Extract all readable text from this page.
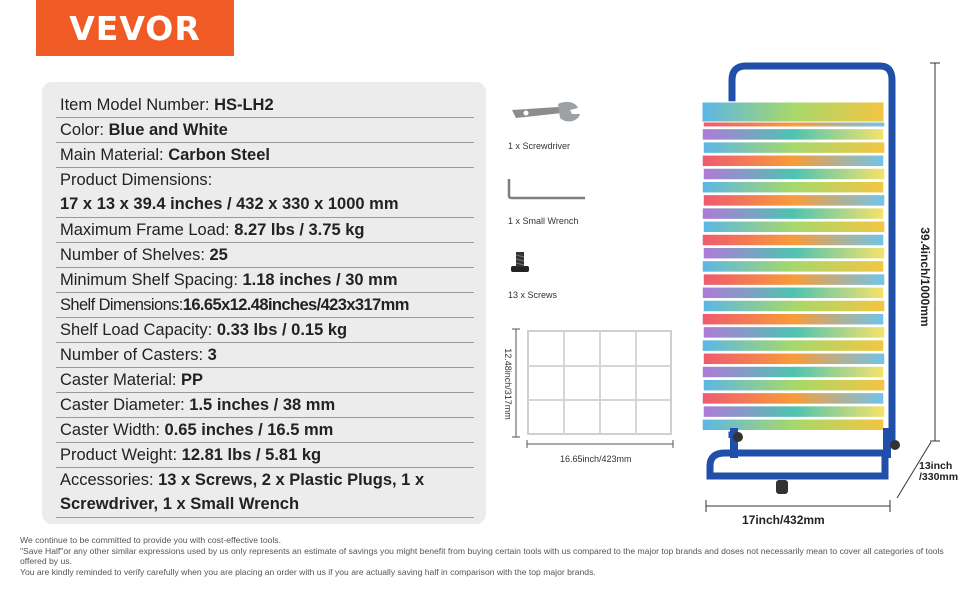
VEVOR
Item Model Number: HS-LH2
Color: Blue and White
Main Material: Carbon Steel
Product Dimensions:
17 x 13 x 39.4 inches / 432 x 330 x 1000 mm
Maximum Frame Load: 8.27 lbs / 3.75 kg
Number of Shelves: 25
Minimum Shelf Spacing: 1.18 inches / 30 mm
Shelf Dimensions:16.65x12.48inches/423x317mm
Shelf Load Capacity: 0.33 lbs / 0.15 kg
Number of Casters: 3
Caster Material: PP
Caster Diameter: 1.5 inches / 38 mm
Caster Width: 0.65 inches / 16.5 mm
Product Weight: 12.81 lbs / 5.81 kg
Accessories: 13 x Screws, 2 x Plastic Plugs, 1 x Screwdriver, 1 x Small Wrench
1 x Screwdriver
1 x Small Wrench
13 x Screws
12.48inch/317mm
16.65inch/423mm
39.4inch/1000mm
17inch/432mm
13inch
/330mm
We continue to be committed to provide you with cost-effective tools.
"Save Half"or any other similar expressions used by us only represents an estimate of savings you might benefit from buying certain tools with us compared to the major top brands and doses not necessarily mean to cover all categories of tools offered by us.
You are kindly reminded to verify carefully when you are placing an order with us if you are actually saving half in comparison with the top major brands.
